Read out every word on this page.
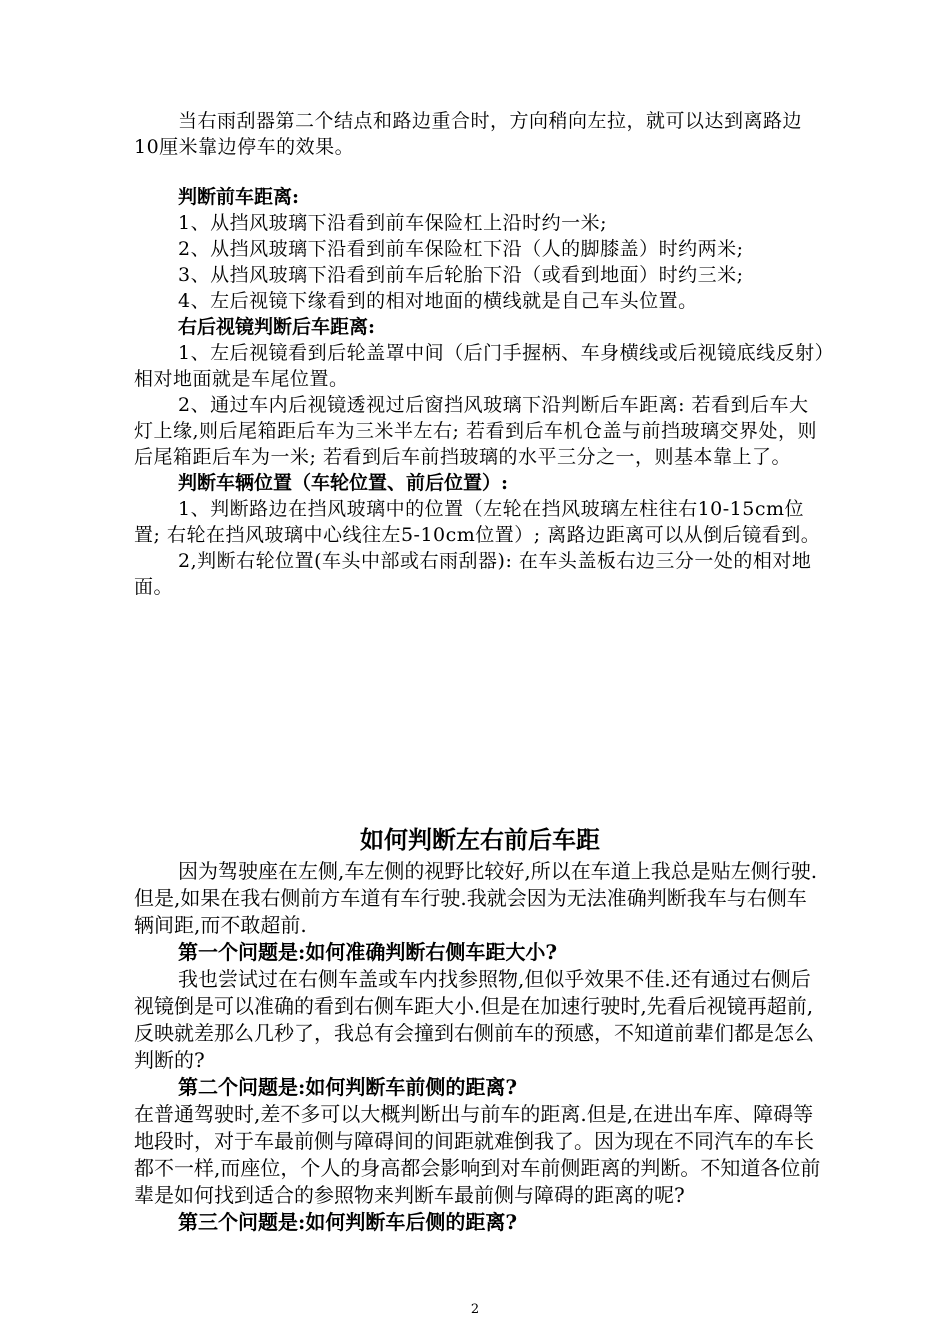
当右雨刮器第二个结点和路边重合时，方向稍向左拉，就可以达到离路边10厘米靠边停车的效果。
判断前车距离:
1、从挡风玻璃下沿看到前车保险杠上沿时约一米;
2、从挡风玻璃下沿看到前车保险杠下沿（人的脚膝盖）时约两米;
3、从挡风玻璃下沿看到前车后轮胎下沿（或看到地面）时约三米;
4、左后视镜下缘看到的相对地面的横线就是自己车头位置。
右后视镜判断后车距离:
1、左后视镜看到后轮盖罩中间（后门手握柄、车身横线或后视镜底线反射）相对地面就是车尾位置。
2、通过车内后视镜透视过后窗挡风玻璃下沿判断后车距离: 若看到后车大灯上缘,则后尾箱距后车为三米半左右; 若看到后车机仓盖与前挡玻璃交界处，则后尾箱距后车为一米; 若看到后车前挡玻璃的水平三分之一，则基本靠上了。
判断车辆位置（车轮位置、前后位置）:
1、判断路边在挡风玻璃中的位置（左轮在挡风玻璃左柱往右10-15cm位置; 右轮在挡风玻璃中心线往左5-10cm位置）; 离路边距离可以从倒后镜看到。
2,判断右轮位置(车头中部或右雨刮器): 在车头盖板右边三分一处的相对地面。
如何判断左右前后车距
因为驾驶座在左侧,车左侧的视野比较好,所以在车道上我总是贴左侧行驶.但是,如果在我右侧前方车道有车行驶.我就会因为无法准确判断我车与右侧车辆间距,而不敢超前.
第一个问题是:如何准确判断右侧车距大小?
我也尝试过在右侧车盖或车内找参照物,但似乎效果不佳.还有通过右侧后视镜倒是可以准确的看到右侧车距大小.但是在加速行驶时,先看后视镜再超前,反映就差那么几秒了，我总有会撞到右侧前车的预感，不知道前辈们都是怎么判断的?
第二个问题是:如何判断车前侧的距离?
在普通驾驶时,差不多可以大概判断出与前车的距离.但是,在进出车库、障碍等地段时，对于车最前侧与障碍间的间距就难倒我了。因为现在不同汽车的车长都不一样,而座位，个人的身高都会影响到对车前侧距离的判断。不知道各位前辈是如何找到适合的参照物来判断车最前侧与障碍的距离的呢?
第三个问题是:如何判断车后侧的距离?
2
